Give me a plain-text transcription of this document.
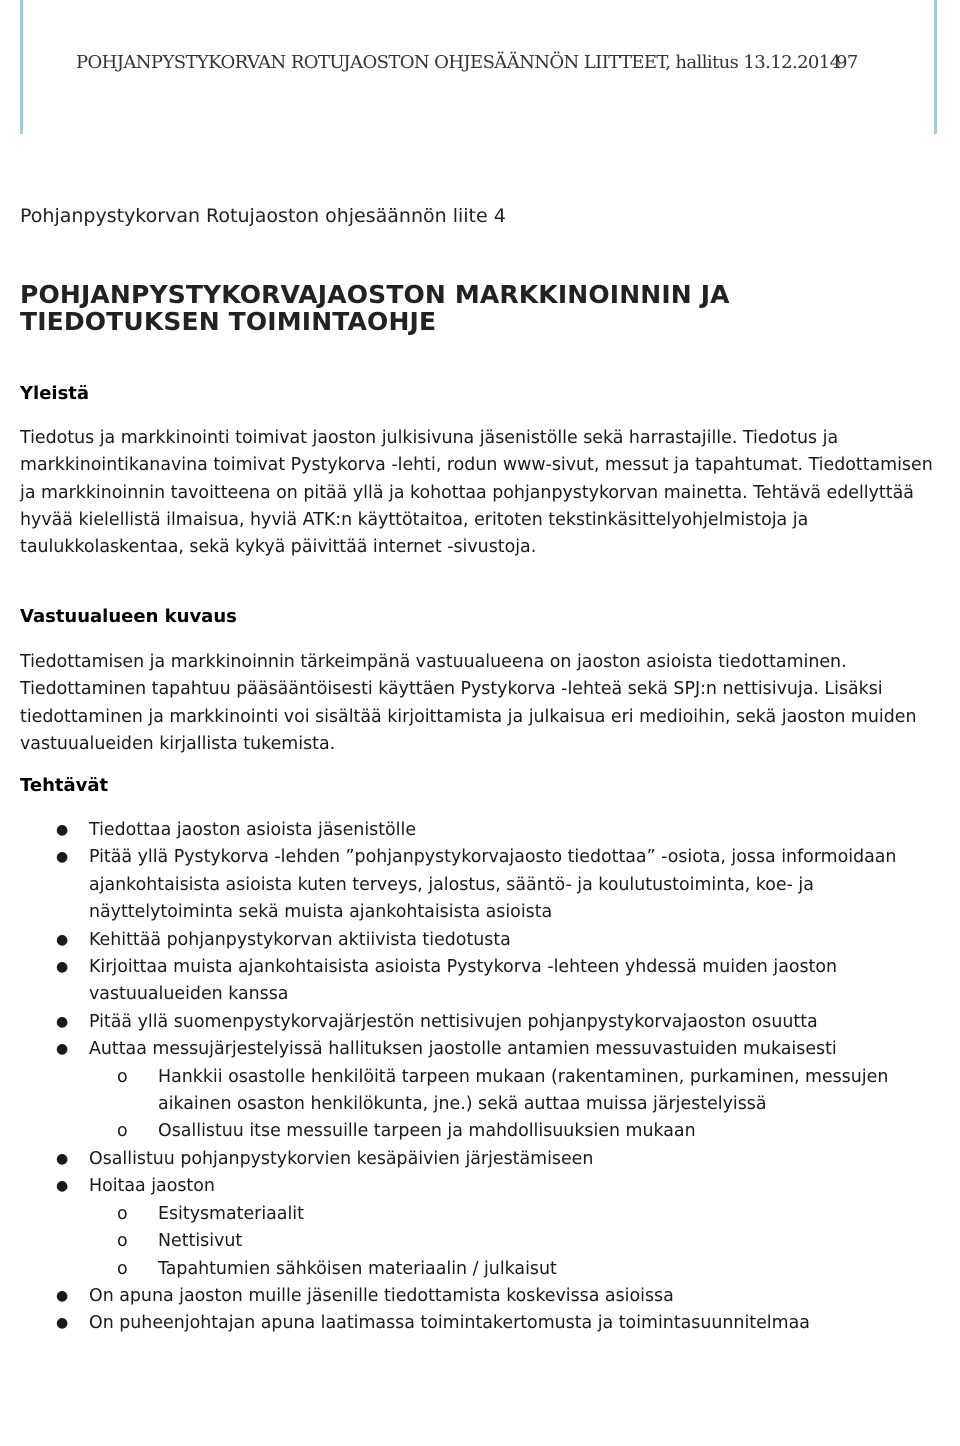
POHJANPYSTYKORVAN ROTUJAOSTON OHJESÄÄNNÖN LIITTEET, hallitus 13.12.2014
97
Pohjanpystykorvan Rotujaoston ohjesäännön liite 4
POHJANPYSTYKORVAJAOSTON MARKKINOINNIN JA TIEDOTUKSEN TOIMINTAOHJE
Yleistä

Tiedotus ja markkinointi toimivat jaoston julkisivuna jäsenistölle sekä harrastajille. Tiedotus ja markkinointikanavina toimivat Pystykorva -lehti, rodun www-sivut, messut ja tapahtumat. Tiedottamisen ja markkinoinnin tavoitteena on pitää yllä ja kohottaa pohjanpystykorvan mainetta. Tehtävä edellyttää hyvää kielellistä ilmaisua, hyviä ATK:n käyttötaitoa, eritoten tekstinkäsittelyohjelmistoja ja taulukkolaskentaa, sekä kykyä päivittää internet -sivustoja.

Vastuualueen kuvaus

Tiedottamisen ja markkinoinnin tärkeimpänä vastuualueena on jaoston asioista tiedottaminen. Tiedottaminen tapahtuu pääsääntöisesti käyttäen Pystykorva -lehteä sekä SPJ:n nettisivuja. Lisäksi tiedottaminen ja markkinointi voi sisältää kirjoittamista ja julkaisua eri medioihin, sekä jaoston muiden vastuualueiden kirjallista tukemista.

Tehtävät
● Tiedottaa jaoston asioista jäsenistölle
● Pitää yllä Pystykorva -lehden ”pohjanpystykorvajaosto tiedottaa” -osiota, jossa informoidaan ajankohtaisista asioista kuten terveys, jalostus, sääntö- ja koulutustoiminta, koe- ja näyttelytoiminta sekä muista ajankohtaisista asioista
● Kehittää pohjanpystykorvan aktiivista tiedotusta
● Kirjoittaa muista ajankohtaisista asioista Pystykorva -lehteen yhdessä muiden jaoston vastuualueiden kanssa
● Pitää yllä suomenpystykorvajärjestön nettisivujen pohjanpystykorvajaoston osuutta
● Auttaa messujärjestelyissä hallituksen jaostolle antamien messuvastuiden mukaisesti
o Hankkii osastolle henkilöitä tarpeen mukaan (rakentaminen, purkaminen, messujen aikainen osaston henkilökunta, jne.) sekä auttaa muissa järjestelyissä
o Osallistuu itse messuille tarpeen ja mahdollisuuksien mukaan
● Osallistuu pohjanpystykorvien kesäpäivien järjestämiseen
● Hoitaa jaoston
o Esitysmateriaalit
o Nettisivut
o Tapahtumien sähköisen materiaalin / julkaisut
● On apuna jaoston muille jäsenille tiedottamista koskevissa asioissa
● On puheenjohtajan apuna laatimassa toimintakertomusta ja toimintasuunnitelmaa
